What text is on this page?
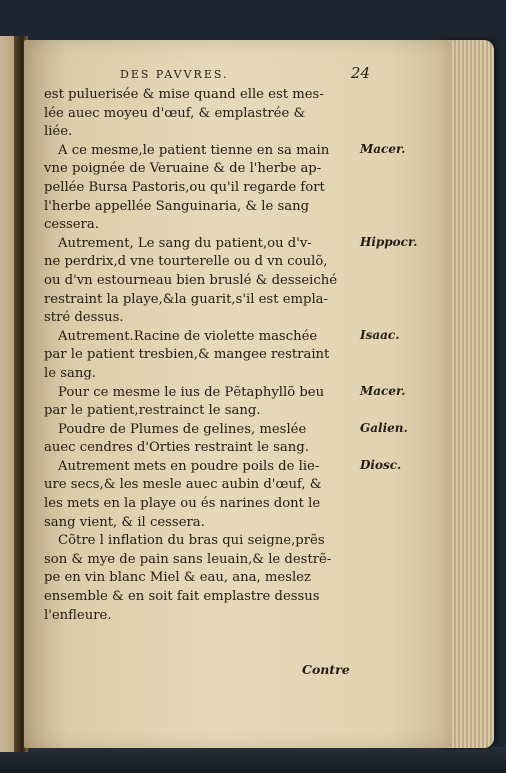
DES PAVVRES.	24
est puluerisée & mise quand elle est mes-
lée auec moyeu d'œuf, & emplastrée &
liée.
A ce mesme,le patient tienne en sa main
vne poignée de Veruaine & de l'herbe ap-
pellée Bursa Pastoris,ou qu'il regarde fort
l'herbe appellée Sanguinaria, & le sang
cessera.
Autrement, Le sang du patient,ou d'v-
ne perdrix,d vne tourterelle ou d vn coulõ,
ou d'vn estourneau bien bruslé & desseiché
restraint la playe,&la guarit,s'il est empla-
stré dessus.
Autrement.Racine de violette maschée
par le patient tresbien,& mangee restraint
le sang.
Pour ce mesme le ius de Pẽtaphyllõ beu
par le patient,restrainct le sang.
Poudre de Plumes de gelines, meslée
auec cendres d'Orties restraint le sang.
Autrement mets en poudre poils de lie-
ure secs,& les mesle auec aubin d'œuf, &
les mets en la playe ou és narines dont le
sang vient, & il cessera.
Cõtre l inflation du bras qui seigne,prẽs
son & mye de pain sans leuain,& le destrẽ-
pe en vin blanc Miel & eau, ana, meslez
ensemble & en soit fait emplastre dessus
l'enfleure.
Contre
Macer.
Hippocr.
Isaac.
Macer.
Galien.
Diosc.
